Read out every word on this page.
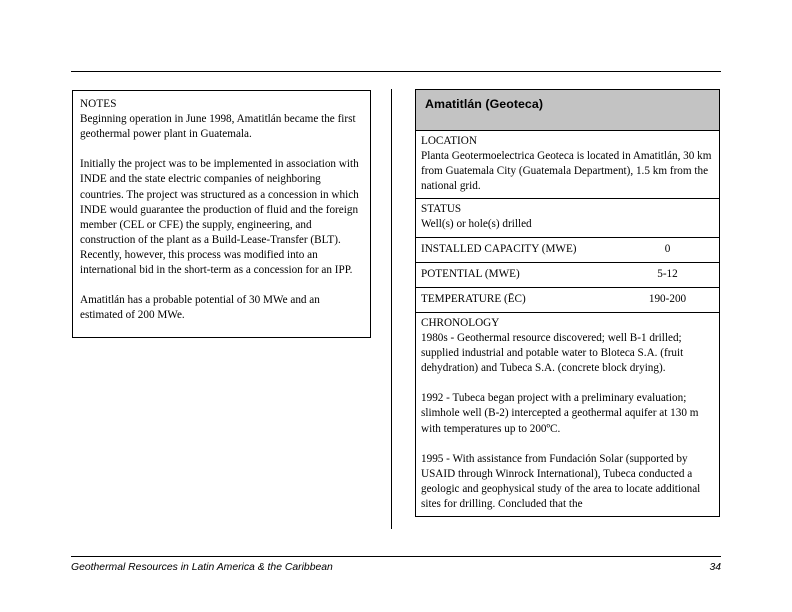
NOTES

Beginning operation in June 1998, Amatitlán became the first geothermal power plant in Guatemala.

Initially the project was to be implemented in association with INDE and the state electric companies of neighboring countries. The project was structured as a concession in which INDE would guarantee the production of fluid and the foreign member (CEL or CFE) the supply, engineering, and construction of the plant as a Build-Lease-Transfer (BLT). Recently, however, this process was modified into an international bid in the short-term as a concession for an IPP.

Amatitlán has a probable potential of 30 MWe and an estimated of 200 MWe.

Amatitlán (Geoteca)
LOCATION
Planta Geotermoelectrica Geoteca is located in Amatitlán, 30 km from Guatemala City (Guatemala Department), 1.5 km from the national grid.
STATUS
Well(s) or hole(s) drilled
INSTALLED CAPACITY (MWE)	0
POTENTIAL (MWE)	5-12
TEMPERATURE (ĒC)	190-200
CHRONOLOGY
1980s - Geothermal resource discovered; well B-1 drilled; supplied industrial and potable water to Bloteca S.A. (fruit dehydration) and Tubeca S.A. (concrete block drying).
1992 - Tubeca began project with a preliminary evaluation; slimhole well (B-2) intercepted a geothermal aquifer at 130 m with temperatures up to 200ºC.
1995 - With assistance from Fundación Solar (supported by USAID through Winrock International), Tubeca conducted a geologic and geophysical study of the area to locate additional sites for drilling. Concluded that the
Geothermal Resources in Latin America & the Caribbean	34
